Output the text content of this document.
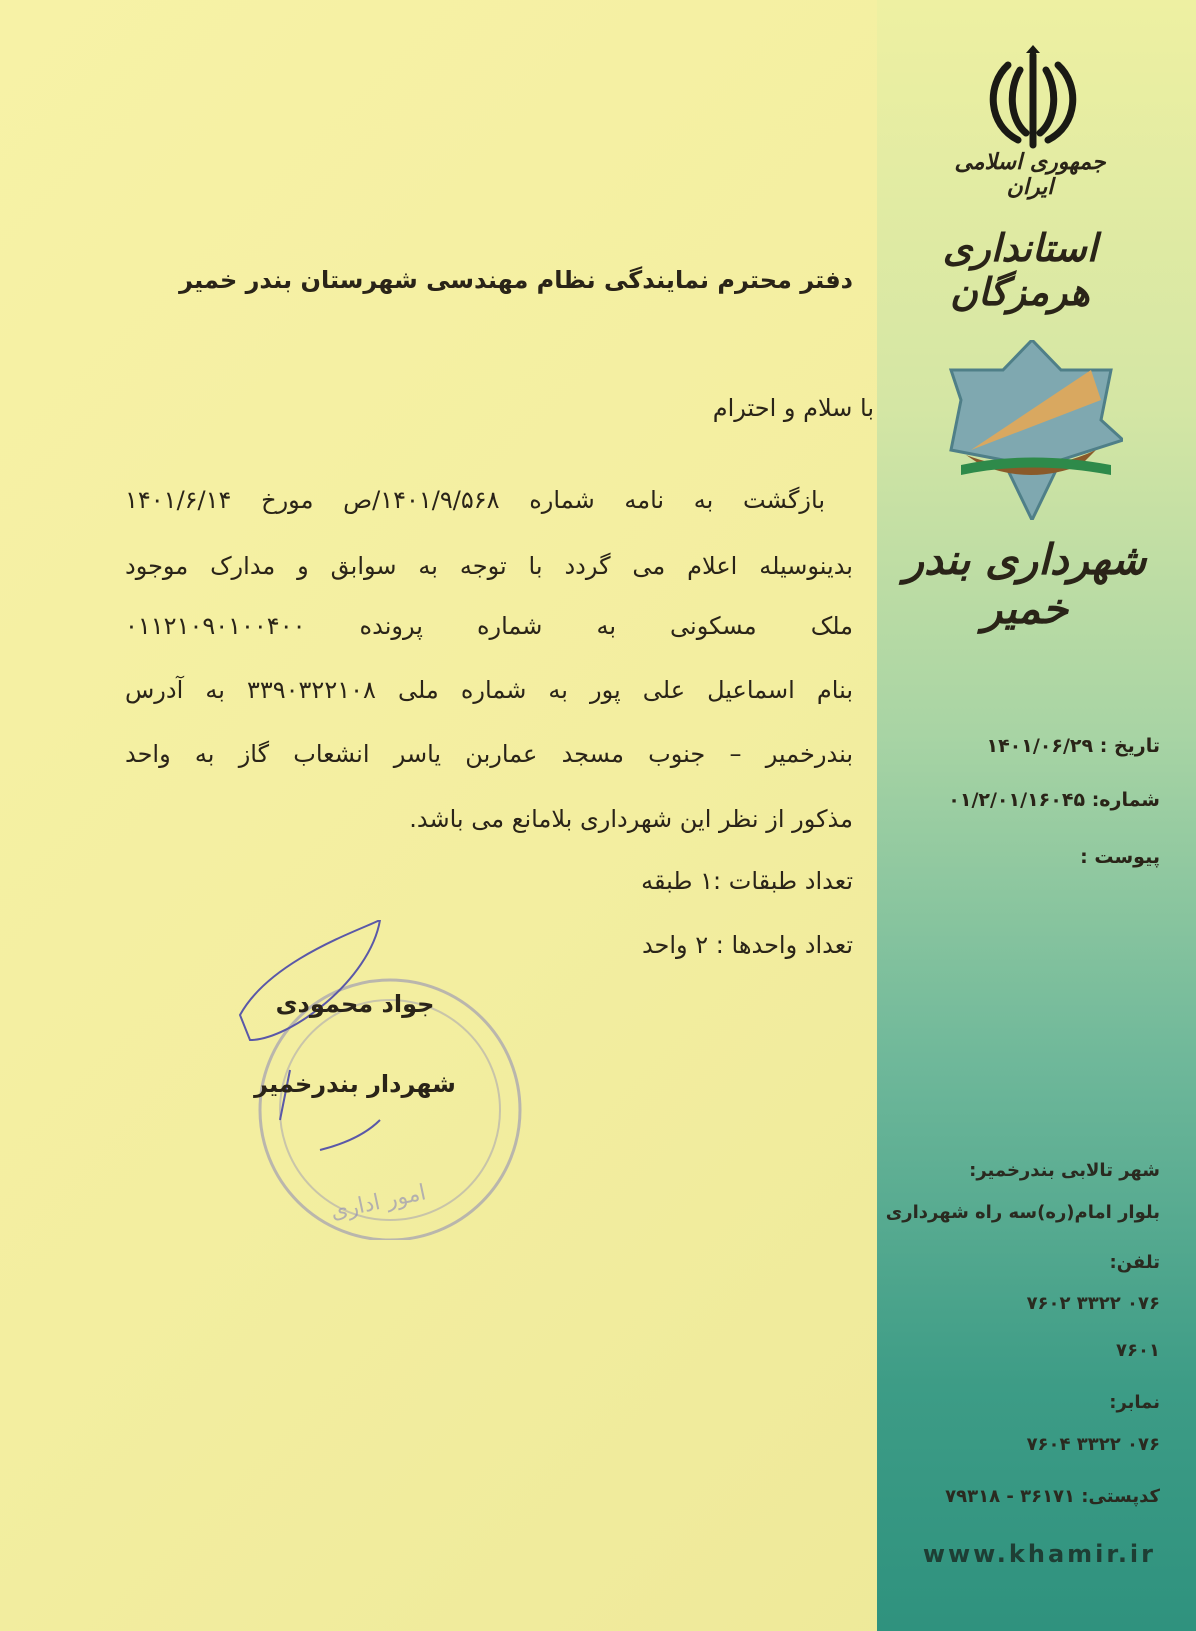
جمهوری اسلامی ایران
استانداری هرمزگان
شهرداری بندر خمیر
تاریخ : ۱۴۰۱/۰۶/۲۹
شماره: ۰۱/۲/۰۱/۱۶۰۴۵
پیوست :
دفتر محترم نمایندگی نظام مهندسی شهرستان بندر خمیر
با سلام و احترام
بازگشت به نامه شماره ۱۴۰۱/۹/۵۶۸/ص مورخ ۱۴۰۱/۶/۱۴
بدینوسیله اعلام می گردد با توجه به سوابق و مدارک موجود
ملک مسکونی به شماره پرونده ۰۱۱۲۱۰۹۰۱۰۰۴۰۰
بنام اسماعیل علی پور به شماره ملی ۳۳۹۰۳۲۲۱۰۸ به آدرس
بندرخمیر – جنوب مسجد عماربن یاسر انشعاب گاز به واحد
مذکور از نظر این شهرداری بلامانع می باشد.
تعداد طبقات :۱ طبقه
تعداد واحدها : ۲ واحد
جواد محمودی
شهردار بندرخمیر
امور اداری
شهر تالابی بندرخمیر:
بلوار امام(ره)سه راه شهرداری
تلفن:
۰۷۶ ۳۳۲۲ ۷۶۰۲
۷۶۰۱
نمابر:
۰۷۶ ۳۳۲۲ ۷۶۰۴
کدپستی: ۳۶۱۷۱ - ۷۹۳۱۸
www.khamir.ir
